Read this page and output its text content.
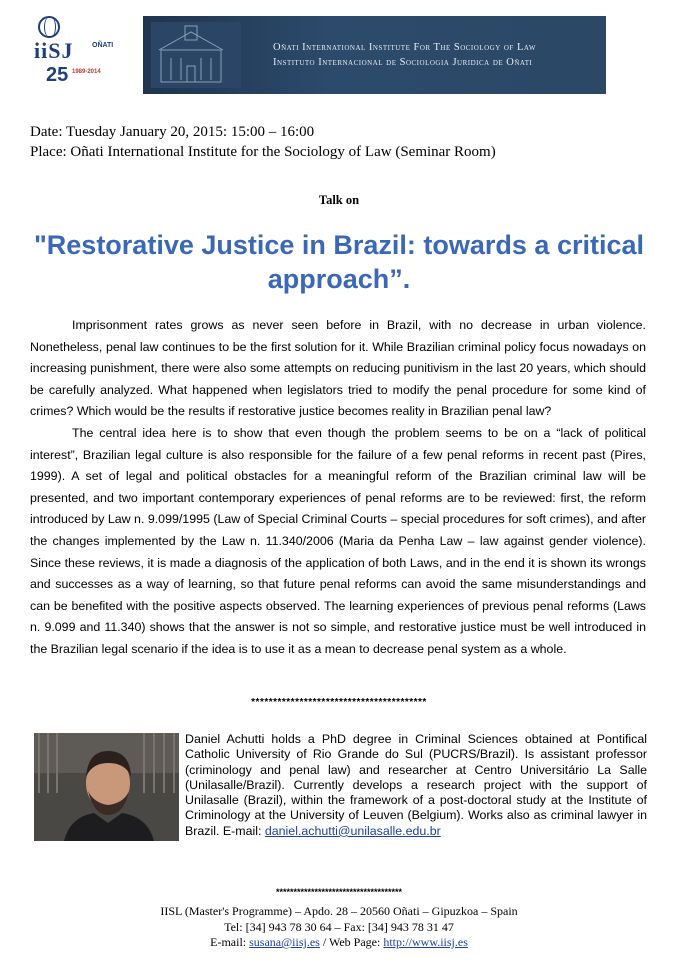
iiSJ	OÑATI
25 1989-2014
Oñati International Institute For The Sociology of Law
Instituto Internacional de Sociologia Juridica de Oñati
Date: Tuesday January 20, 2015: 15:00 – 16:00
Place: Oñati International Institute for the Sociology of Law (Seminar Room)
Talk on
"Restorative Justice in Brazil: towards a critical approach”.

Imprisonment rates grows as never seen before in Brazil, with no decrease in urban violence. Nonetheless, penal law continues to be the first solution for it. While Brazilian criminal policy focus nowadays on increasing punishment, there were also some attempts on reducing punitivism in the last 20 years, which should be carefully analyzed. What happened when legislators tried to modify the penal procedure for some kind of crimes? Which would be the results if restorative justice becomes reality in Brazilian penal law?

The central idea here is to show that even though the problem seems to be on a “lack of political interest”, Brazilian legal culture is also responsible for the failure of a few penal reforms in recent past (Pires, 1999). A set of legal and political obstacles for a meaningful reform of the Brazilian criminal law will be presented, and two important contemporary experiences of penal reforms are to be reviewed: first, the reform introduced by Law n. 9.099/1995 (Law of Special Criminal Courts – special procedures for soft crimes), and after the changes implemented by the Law n. 11.340/2006 (Maria da Penha Law – law against gender violence). Since these reviews, it is made a diagnosis of the application of both Laws, and in the end it is shown its wrongs and successes as a way of learning, so that future penal reforms can avoid the same misunderstandings and can be benefited with the positive aspects observed. The learning experiences of previous penal reforms (Laws n. 9.099 and 11.340) shows that the answer is not so simple, and restorative justice must be well introduced in the Brazilian legal scenario if the idea is to use it as a mean to decrease penal system as a whole.

****************************************
Daniel Achutti holds a PhD degree in Criminal Sciences obtained at Pontifical Catholic University of Rio Grande do Sul (PUCRS/Brazil). Is assistant professor (criminology and penal law) and researcher at Centro Universitário La Salle (Unilasalle/Brazil). Currently develops a research project with the support of Unilasalle (Brazil), within the framework of a post-doctoral study at the Institute of Criminology at the University of Leuven (Belgium). Works also as criminal lawyer in Brazil. E-mail: daniel.achutti@unilasalle.edu.br
************************************
IISL (Master's Programme) – Apdo. 28 – 20560 Oñati – Gipuzkoa – Spain
Tel: [34] 943 78 30 64 – Fax: [34] 943 78 31 47
E-mail: susana@iisj.es / Web Page: http://www.iisj.es
